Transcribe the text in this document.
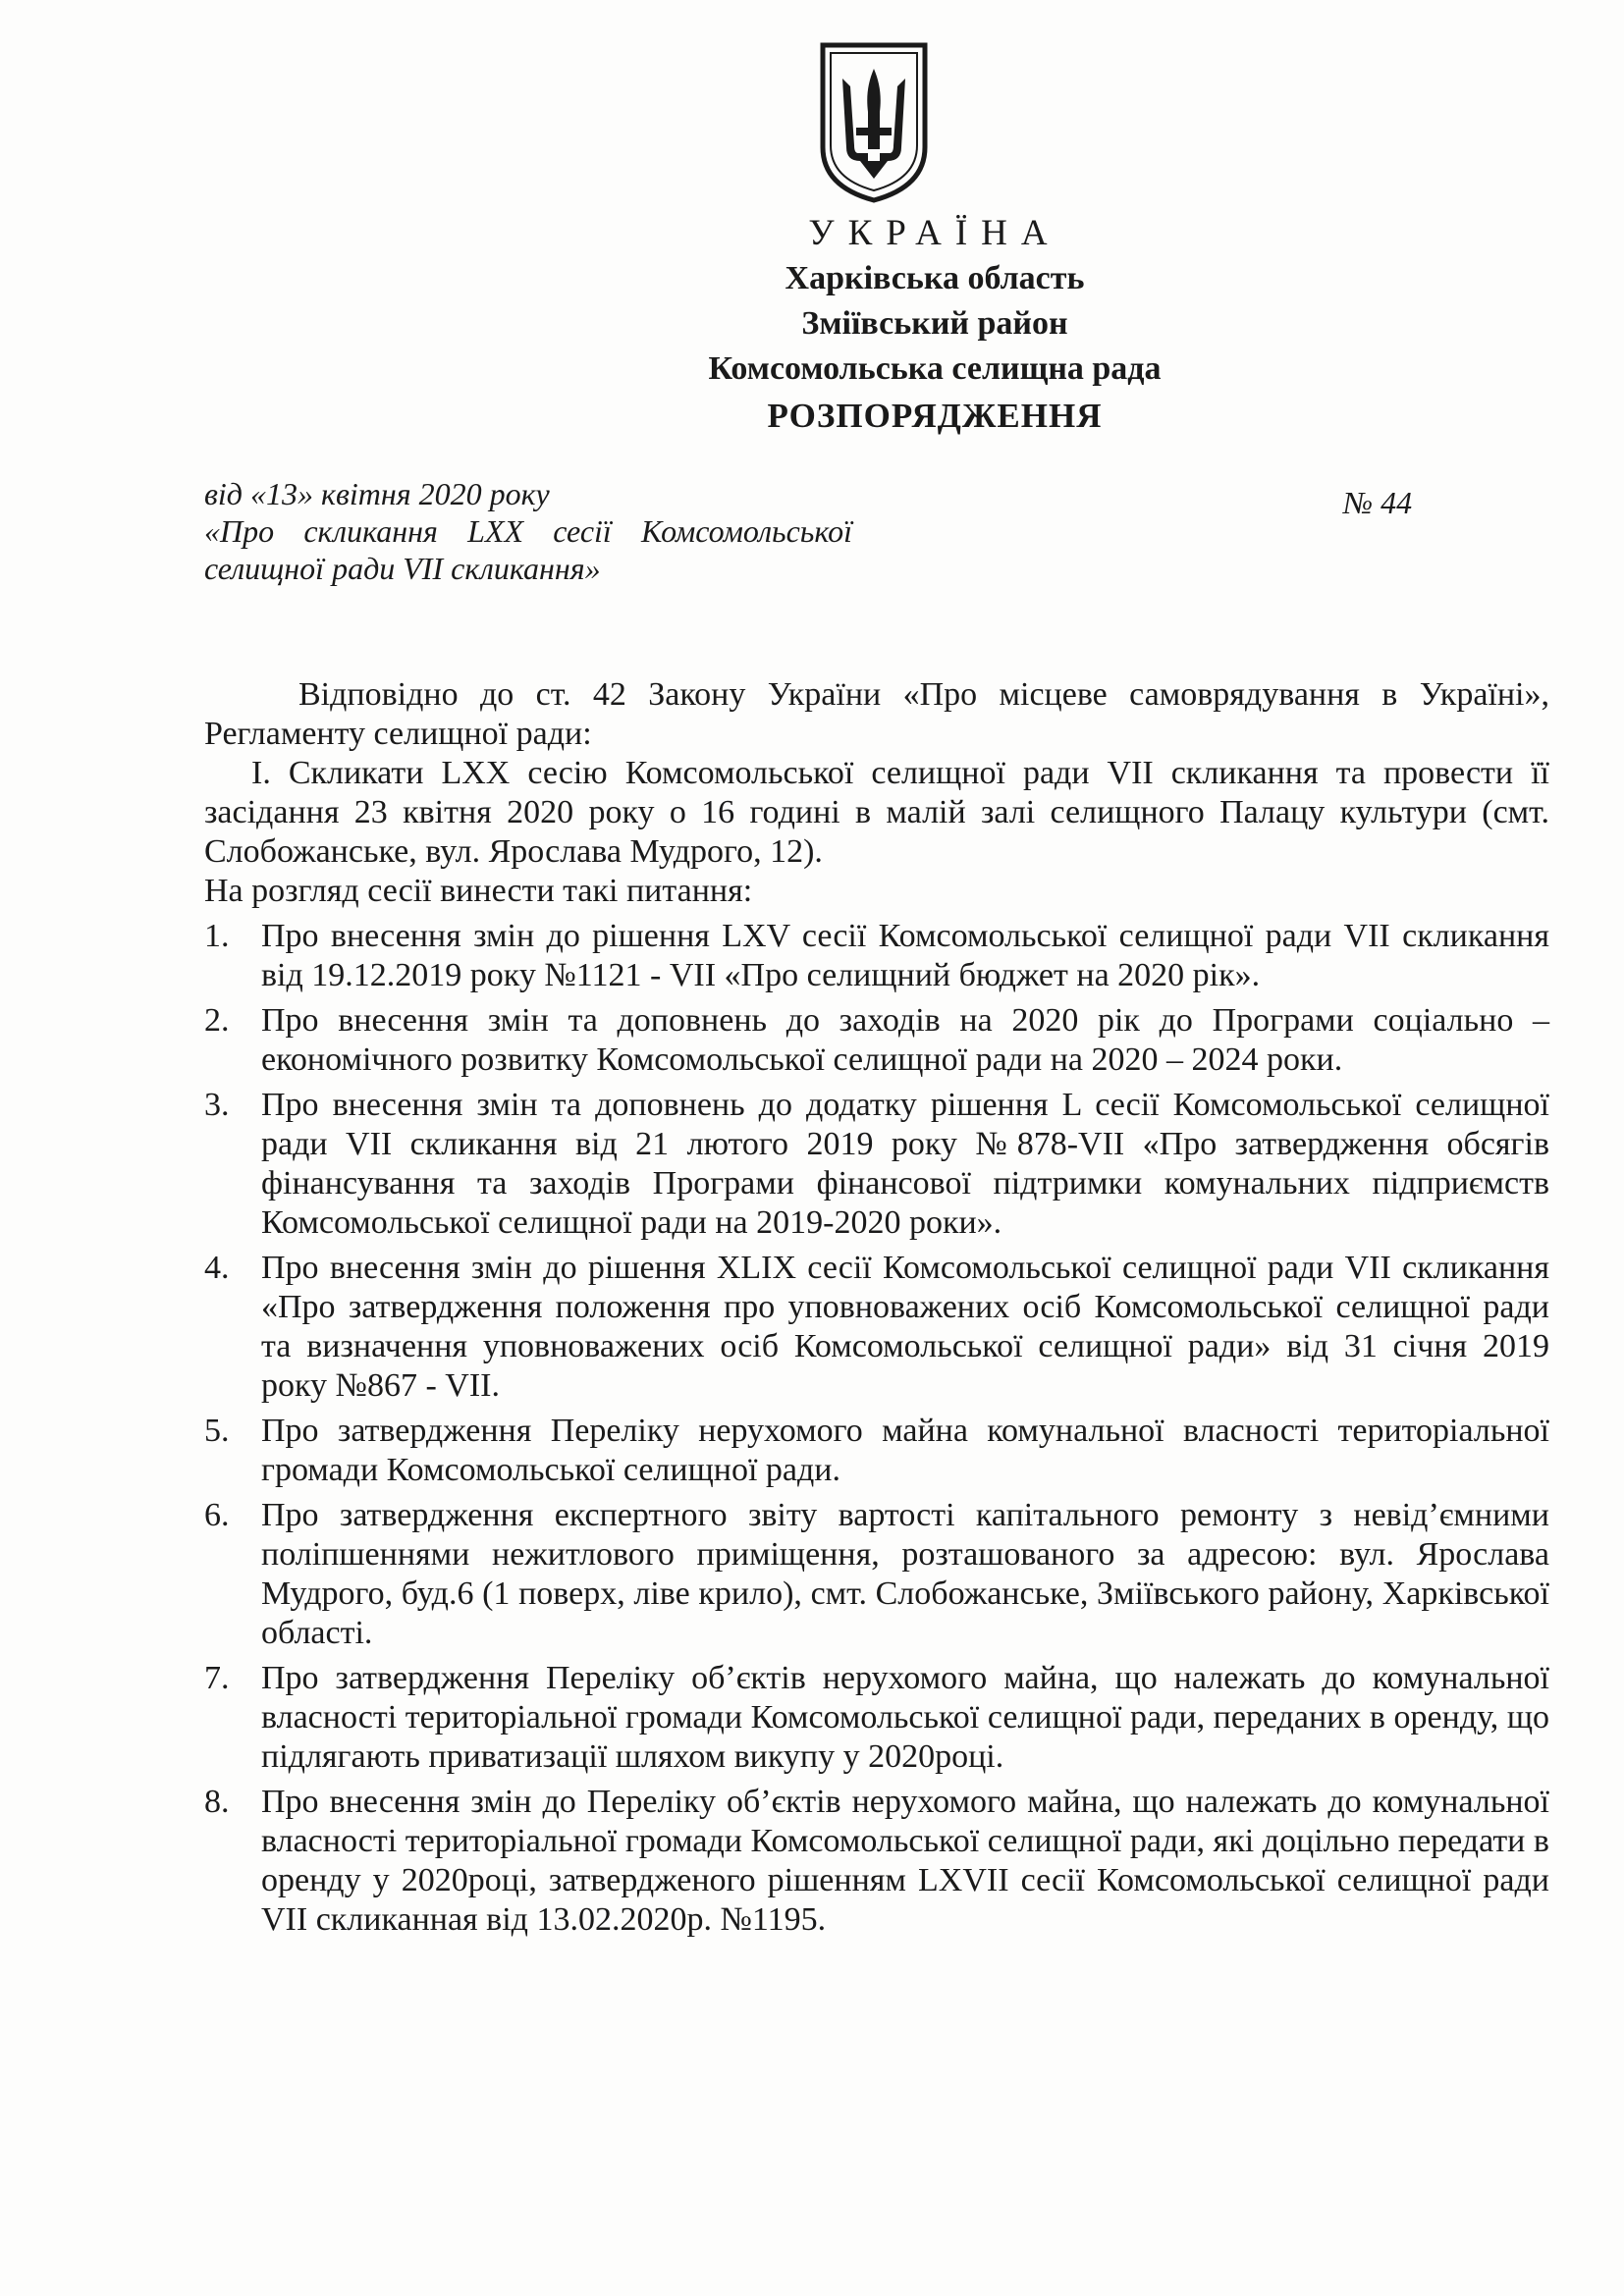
УКРАЇНА
Харківська область
Зміївський район
Комсомольська селищна рада
РОЗПОРЯДЖЕННЯ
від «13» квітня 2020 року
«Про скликання LXX сесії Комсомольської селищної ради VII скликання»
№ 44

Відповідно до ст. 42 Закону України «Про місцеве самоврядування в Україні», Регламенту селищної ради:

І. Скликати LXX сесію Комсомольської селищної ради VII скликання та провести її засідання 23 квітня 2020 року о 16 годині в малій залі селищного Палацу культури (смт. Слобожанське, вул. Ярослава Мудрого, 12).

На розгляд сесії винести такі питання:

1. Про внесення змін до рішення LXV сесії Комсомольської селищної ради VII скликання від 19.12.2019 року №1121 - VII «Про селищний бюджет на 2020 рік».
2. Про внесення змін та доповнень до заходів на 2020 рік до Програми соціально – економічного розвитку Комсомольської селищної ради на 2020 – 2024 роки.
3. Про внесення змін та доповнень до додатку рішення L сесії Комсомольської селищної ради VII скликання від 21 лютого 2019 року №878-VII «Про затвердження обсягів фінансування та заходів Програми фінансової підтримки комунальних підприємств Комсомольської селищної ради на 2019-2020 роки».
4. Про внесення змін до рішення XLIX сесії Комсомольської селищної ради VII скликання «Про затвердження положення про уповноважених осіб Комсомольської селищної ради та визначення уповноважених осіб Комсомольської селищної ради» від 31 січня 2019 року №867 - VII.
5. Про затвердження Переліку нерухомого майна комунальної власності територіальної громади Комсомольської селищної ради.
6. Про затвердження експертного звіту вартості капітального ремонту з невід’ємними поліпшеннями нежитлового приміщення, розташованого за адресою: вул. Ярослава Мудрого, буд.6 (1 поверх, ліве крило), смт. Слобожанське, Зміївського району, Харківської області.
7. Про затвердження Переліку об’єктів нерухомого майна, що належать до комунальної власності територіальної громади Комсомольської селищної ради, переданих в оренду, що підлягають приватизації шляхом викупу у 2020році.
8. Про внесення змін до Переліку об’єктів нерухомого майна, що належать до комунальної власності територіальної громади Комсомольської селищної ради, які доцільно передати в оренду у 2020році, затвердженого рішенням LXVII сесії Комсомольської селищної ради VII скликанная від 13.02.2020р. №1195.
